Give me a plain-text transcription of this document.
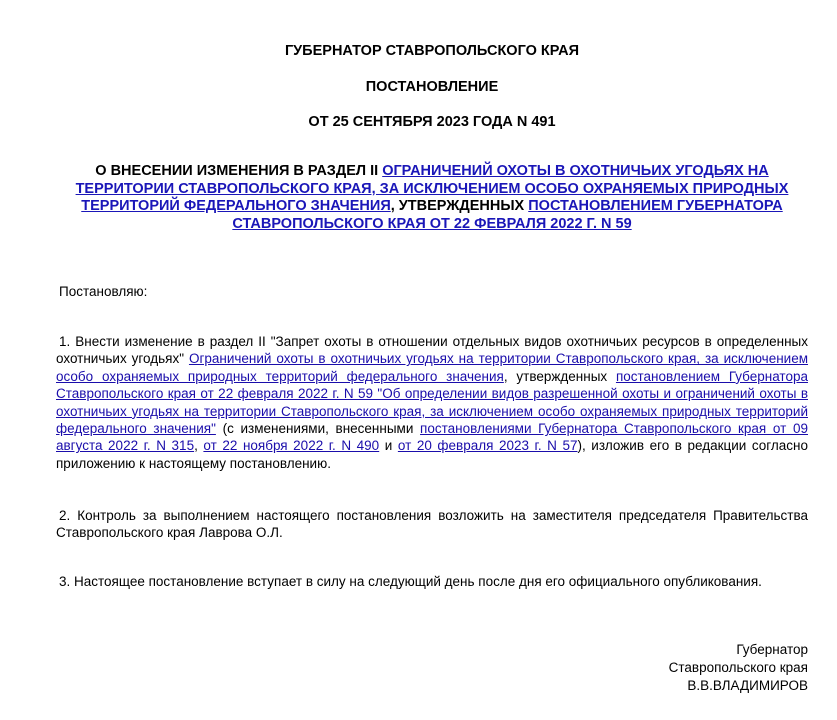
ГУБЕРНАТОР СТАВРОПОЛЬСКОГО КРАЯ

ПОСТАНОВЛЕНИЕ

ОТ 25 СЕНТЯБРЯ 2023 ГОДА N 491

О ВНЕСЕНИИ ИЗМЕНЕНИЯ В РАЗДЕЛ II ОГРАНИЧЕНИЙ ОХОТЫ В ОХОТНИЧЬИХ УГОДЬЯХ НА ТЕРРИТОРИИ СТАВРОПОЛЬСКОГО КРАЯ, ЗА ИСКЛЮЧЕНИЕМ ОСОБО ОХРАНЯЕМЫХ ПРИРОДНЫХ ТЕРРИТОРИЙ ФЕДЕРАЛЬНОГО ЗНАЧЕНИЯ, УТВЕРЖДЕННЫХ ПОСТАНОВЛЕНИЕМ ГУБЕРНАТОРА СТАВРОПОЛЬСКОГО КРАЯ ОТ 22 ФЕВРАЛЯ 2022 Г. N 59

Постановляю:

1. Внести изменение в раздел II "Запрет охоты в отношении отдельных видов охотничьих ресурсов в определенных охотничьих угодьях" Ограничений охоты в охотничьих угодьях на территории Ставропольского края, за исключением особо охраняемых природных территорий федерального значения, утвержденных постановлением Губернатора Ставропольского края от 22 февраля 2022 г. N 59 "Об определении видов разрешенной охоты и ограничений охоты в охотничьих угодьях на территории Ставропольского края, за исключением особо охраняемых природных территорий федерального значения" (с изменениями, внесенными постановлениями Губернатора Ставропольского края от 09 августа 2022 г. N 315, от 22 ноября 2022 г. N 490 и от 20 февраля 2023 г. N 57), изложив его в редакции согласно приложению к настоящему постановлению.

2. Контроль за выполнением настоящего постановления возложить на заместителя председателя Правительства Ставропольского края Лаврова О.Л.

3. Настоящее постановление вступает в силу на следующий день после дня его официального опубликования.

Губернатор
Ставропольского края
В.В.ВЛАДИМИРОВ
